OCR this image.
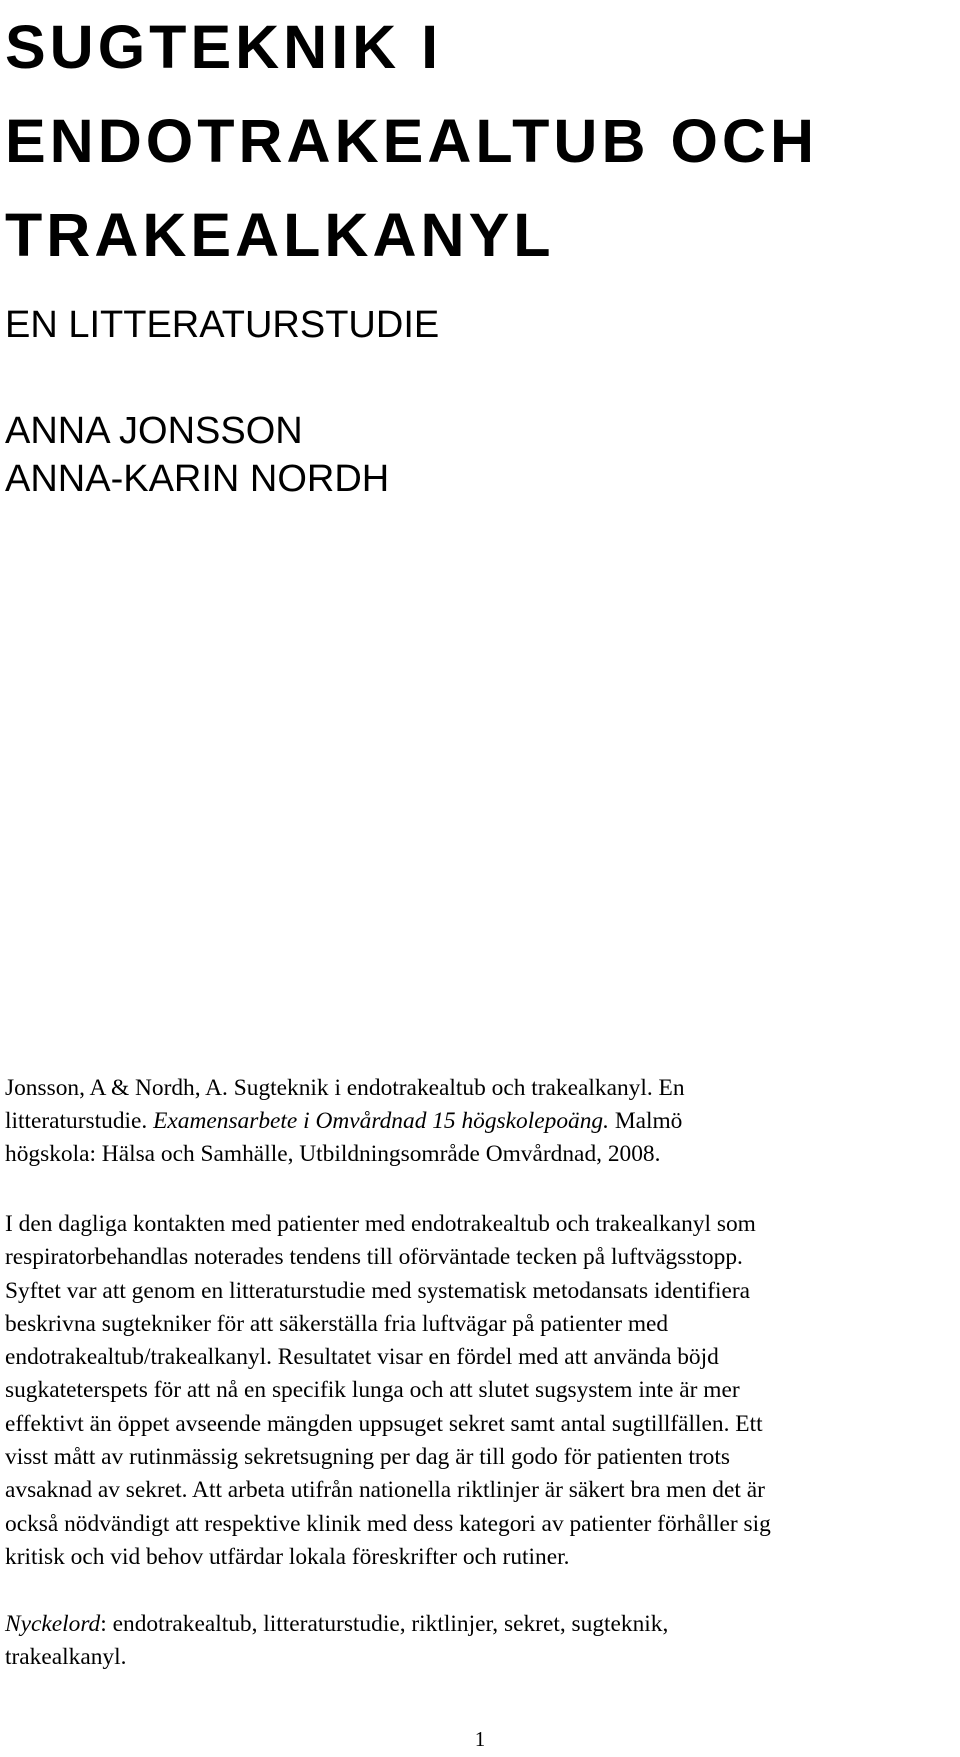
SUGTEKNIK I
ENDOTRAKEALTUB OCH
TRAKEALKANYL
EN LITTERATURSTUDIE
ANNA JONSSON
ANNA-KARIN NORDH

Jonsson, A & Nordh, A. Sugteknik i endotrakealtub och trakealkanyl. En
litteraturstudie. Examensarbete i Omvårdnad 15 högskolepoäng. Malmö
högskola: Hälsa och Samhälle, Utbildningsområde Omvårdnad, 2008.

I den dagliga kontakten med patienter med endotrakealtub och trakealkanyl som
respiratorbehandlas noterades tendens till oförväntade tecken på luftvägsstopp.
Syftet var att genom en litteraturstudie med systematisk metodansats identifiera
beskrivna sugtekniker för att säkerställa fria luftvägar på patienter med
endotrakealtub/trakealkanyl. Resultatet visar en fördel med att använda böjd
sugkateterspets för att nå en specifik lunga och att slutet sugsystem inte är mer
effektivt än öppet avseende mängden uppsuget sekret samt antal sugtillfällen. Ett
visst mått av rutinmässig sekretsugning per dag är till godo för patienten trots
avsaknad av sekret. Att arbeta utifrån nationella riktlinjer är säkert bra men det är
också nödvändigt att respektive klinik med dess kategori av patienter förhåller sig
kritisk och vid behov utfärdar lokala föreskrifter och rutiner.

Nyckelord: endotrakealtub, litteraturstudie, riktlinjer, sekret, sugteknik,
trakealkanyl.

1
